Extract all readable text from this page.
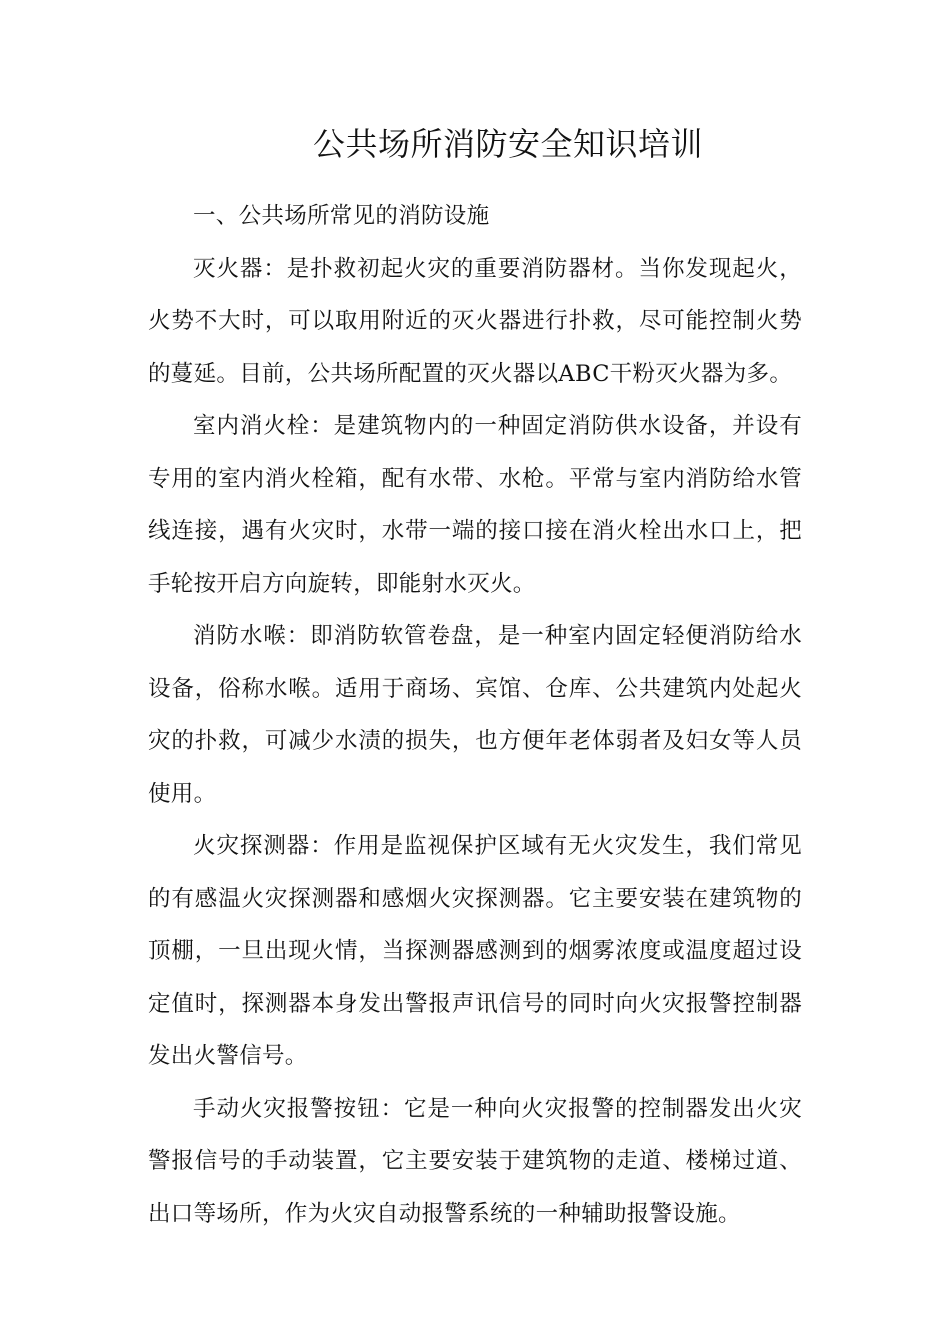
公共场所消防安全知识培训

一、公共场所常见的消防设施

灭火器：是扑救初起火灾的重要消防器材。当你发现起火，火势不大时，可以取用附近的灭火器进行扑救，尽可能控制火势的蔓延。目前，公共场所配置的灭火器以ABC干粉灭火器为多。

室内消火栓：是建筑物内的一种固定消防供水设备，并设有专用的室内消火栓箱，配有水带、水枪。平常与室内消防给水管线连接，遇有火灾时，水带一端的接口接在消火栓出水口上，把手轮按开启方向旋转，即能射水灭火。

消防水喉：即消防软管卷盘，是一种室内固定轻便消防给水设备，俗称水喉。适用于商场、宾馆、仓库、公共建筑内处起火灾的扑救，可减少水渍的损失，也方便年老体弱者及妇女等人员使用。

火灾探测器：作用是监视保护区域有无火灾发生，我们常见的有感温火灾探测器和感烟火灾探测器。它主要安装在建筑物的顶棚，一旦出现火情，当探测器感测到的烟雾浓度或温度超过设定值时，探测器本身发出警报声讯信号的同时向火灾报警控制器发出火警信号。

手动火灾报警按钮：它是一种向火灾报警的控制器发出火灾警报信号的手动装置，它主要安装于建筑物的走道、楼梯过道、出口等场所，作为火灾自动报警系统的一种辅助报警设施。
